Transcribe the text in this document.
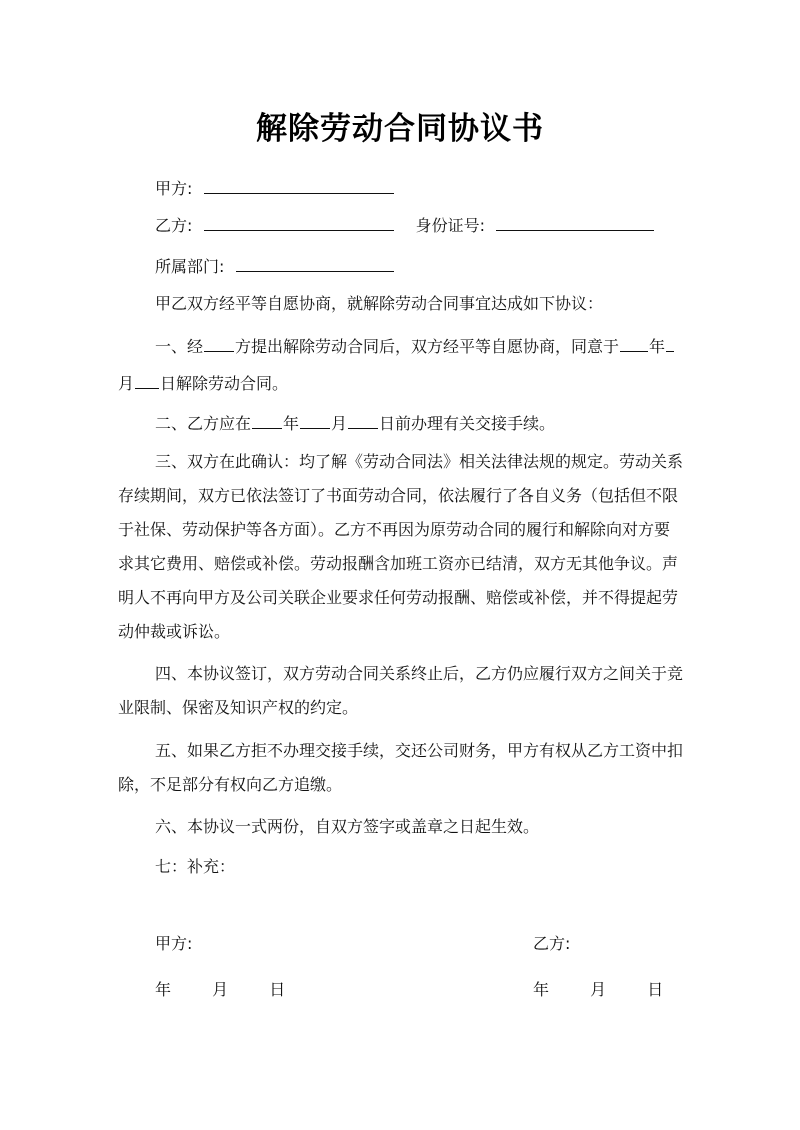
解除劳动合同协议书
甲方:
乙方:	身份证号:
所属部门:
甲乙双方经平等自愿协商，就解除劳动合同事宜达成如下协议：
一、经 方提出解除劳动合同后，双方经平等自愿协商，同意于 年
月 日解除劳动合同。
二、乙方应在 年 月 日前办理有关交接手续。
三、双方在此确认：均了解《劳动合同法》相关法律法规的规定。劳动关系
存续期间，双方已依法签订了书面劳动合同，依法履行了各自义务（包括但不限
于社保、劳动保护等各方面）。乙方不再因为原劳动合同的履行和解除向对方要
求其它费用、赔偿或补偿。劳动报酬含加班工资亦已结清，双方无其他争议。声
明人不再向甲方及公司关联企业要求任何劳动报酬、赔偿或补偿，并不得提起劳
动仲裁或诉讼。
四、本协议签订，双方劳动合同关系终止后，乙方仍应履行双方之间关于竞
业限制、保密及知识产权的约定。
五、如果乙方拒不办理交接手续，交还公司财务，甲方有权从乙方工资中扣
除，不足部分有权向乙方追缴。
六、本协议一式两份，自双方签字或盖章之日起生效。
七：补充：
甲方:	乙方:
年	月	日	年	月	日
